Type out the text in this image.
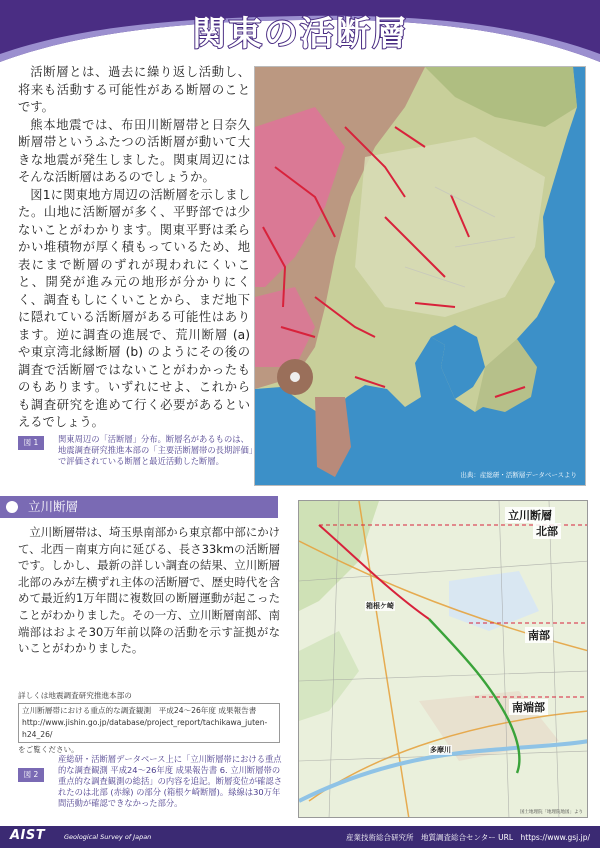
関東の活断層

活断層とは、過去に繰り返し活動し、将来も活動する可能性がある断層のことです。

熊本地震では、布田川断層帯と日奈久断層帯というふたつの活断層が動いて大きな地震が発生しました。関東周辺にはそんな活断層はあるのでしょうか。

図1に関東地方周辺の活断層を示しました。山地に活断層が多く、平野部では少ないことがわかります。関東平野は柔らかい堆積物が厚く積もっているため、地表にまで断層のずれが現われにくいこと、開発が進み元の地形が分かりにくく、調査もしにくいことから、まだ地下に隠れている活断層がある可能性はあります。逆に調査の進展で、荒川断層 (a) や東京湾北縁断層 (b) のようにその後の調査で活断層ではないことがわかったものもあります。いずれにせよ、これからも調査研究を進めて行く必要があるといえるでしょう。

出典：産総研・活断層データベースより
図 1	関東周辺の「活断層」分布。断層名があるものは、地震調査研究推進本部の「主要活断層帯の長期評価」で評価されている断層と最近活動した断層。
立川断層

立川断層帯は、埼玉県南部から東京都中部にかけて、北西－南東方向に延びる、長さ33kmの活断層です。しかし、最新の詳しい調査の結果、立川断層北部のみが左横ずれ主体の活断層で、歴史時代を含めて最近約1万年間に複数回の断層運動が起こったことがわかりました。その一方、立川断層南部、南端部はおよそ30万年前以降の活動を示す証拠がないことがわかりました。

詳しくは地震調査研究推進本部の
立川断層帯における重点的な調査観測　平成24～26年度 成果報告書
http://www.jishin.go.jp/database/project_report/tachikawa_juten-h24_26/
をご覧ください。
図 2
産総研・活断層データベース上に「立川断層帯における重点的な調査観測 平成24～26年度 成果報告書 6. 立川断層帯の重点的な調査観測の総括」の内容を追記。断層変位が確認されたのは北部 (赤線) の部分 (箱根ケ崎断層)。緑線は30万年間活動が確認できなかった部分。
立川断層
北部
南部
南端部
箱根ケ崎
多摩川
国土地理院「地理院地図」より
AIST	Geological Survey of Japan	産業技術総合研究所　地質調査総合センター URL　https://www.gsj.jp/
